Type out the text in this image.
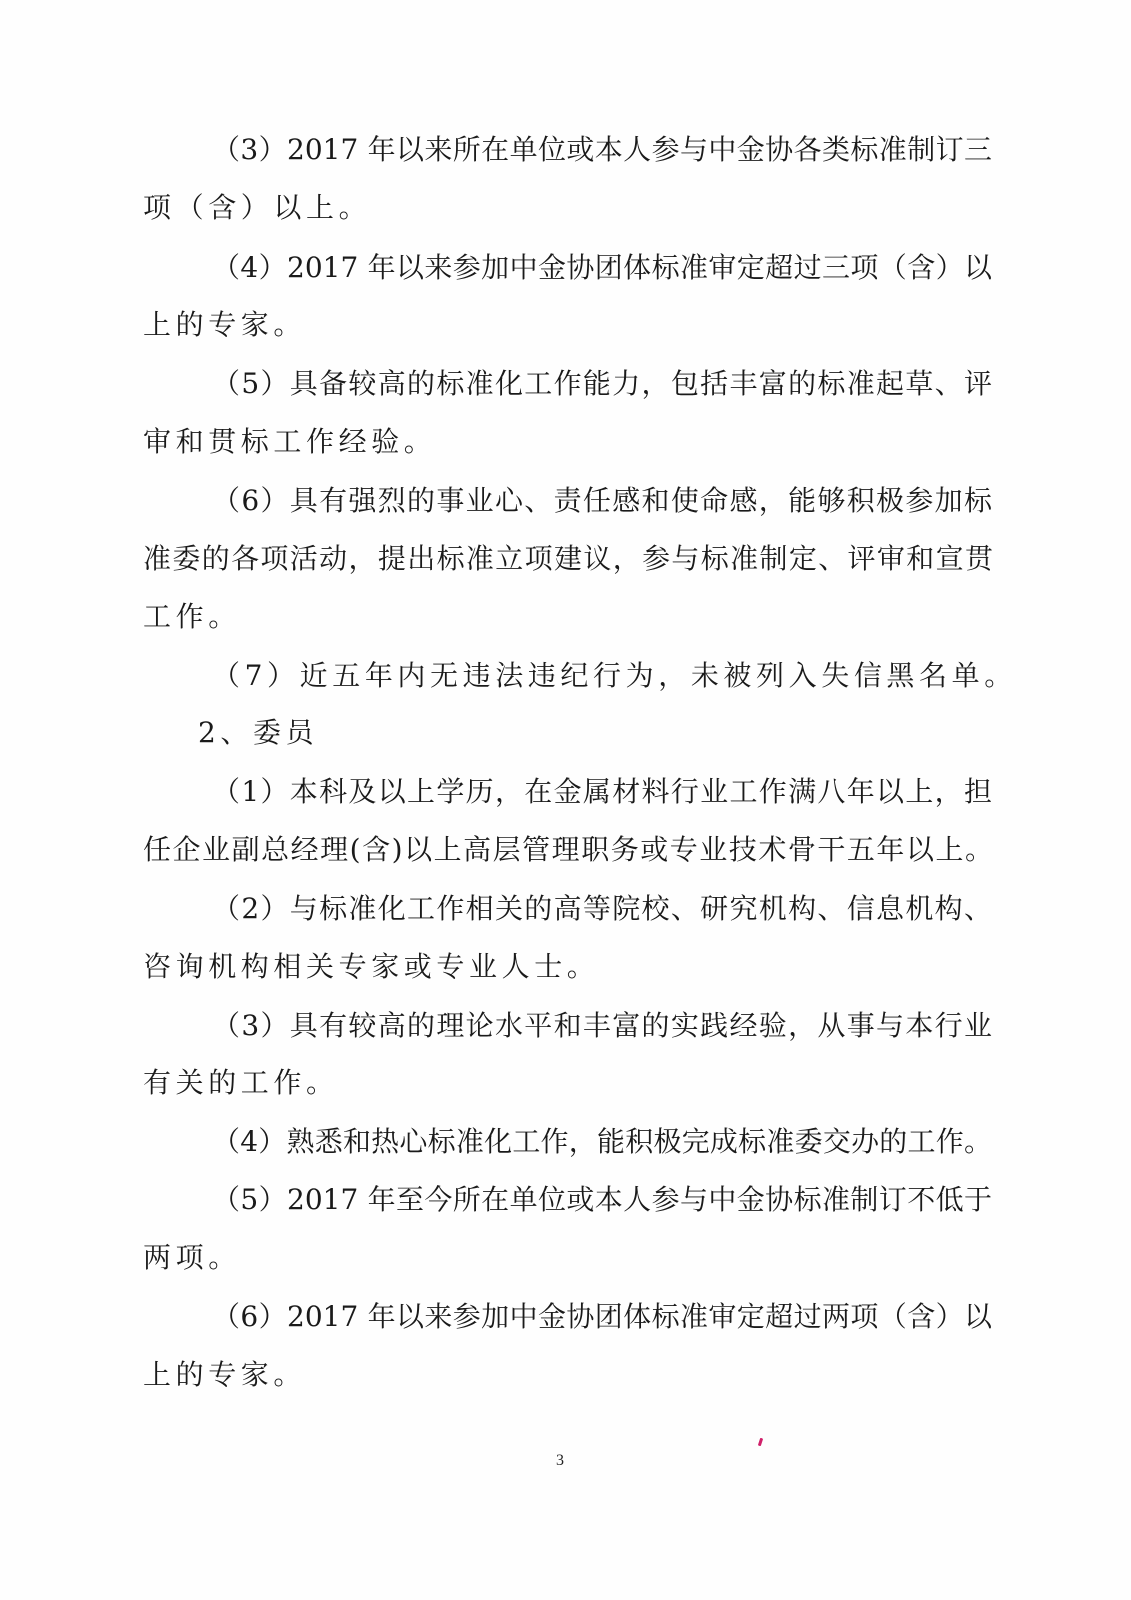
（3）2017 年以来所在单位或本人参与中金协各类标准制订三
项（含）以上。
（4）2017 年以来参加中金协团体标准审定超过三项（含）以
上的专家。
（5）具备较高的标准化工作能力，包括丰富的标准起草、评
审和贯标工作经验。
（6）具有强烈的事业心、责任感和使命感，能够积极参加标
准委的各项活动，提出标准立项建议，参与标准制定、评审和宣贯
工作。
（7）近五年内无违法违纪行为，未被列入失信黑名单。
2、委员
（1）本科及以上学历，在金属材料行业工作满八年以上，担
任企业副总经理(含)以上高层管理职务或专业技术骨干五年以上。
（2）与标准化工作相关的高等院校、研究机构、信息机构、
咨询机构相关专家或专业人士。
（3）具有较高的理论水平和丰富的实践经验，从事与本行业
有关的工作。
（4）熟悉和热心标准化工作，能积极完成标准委交办的工作。
（5）2017 年至今所在单位或本人参与中金协标准制订不低于
两项。
（6）2017 年以来参加中金协团体标准审定超过两项（含）以
上的专家。
3
